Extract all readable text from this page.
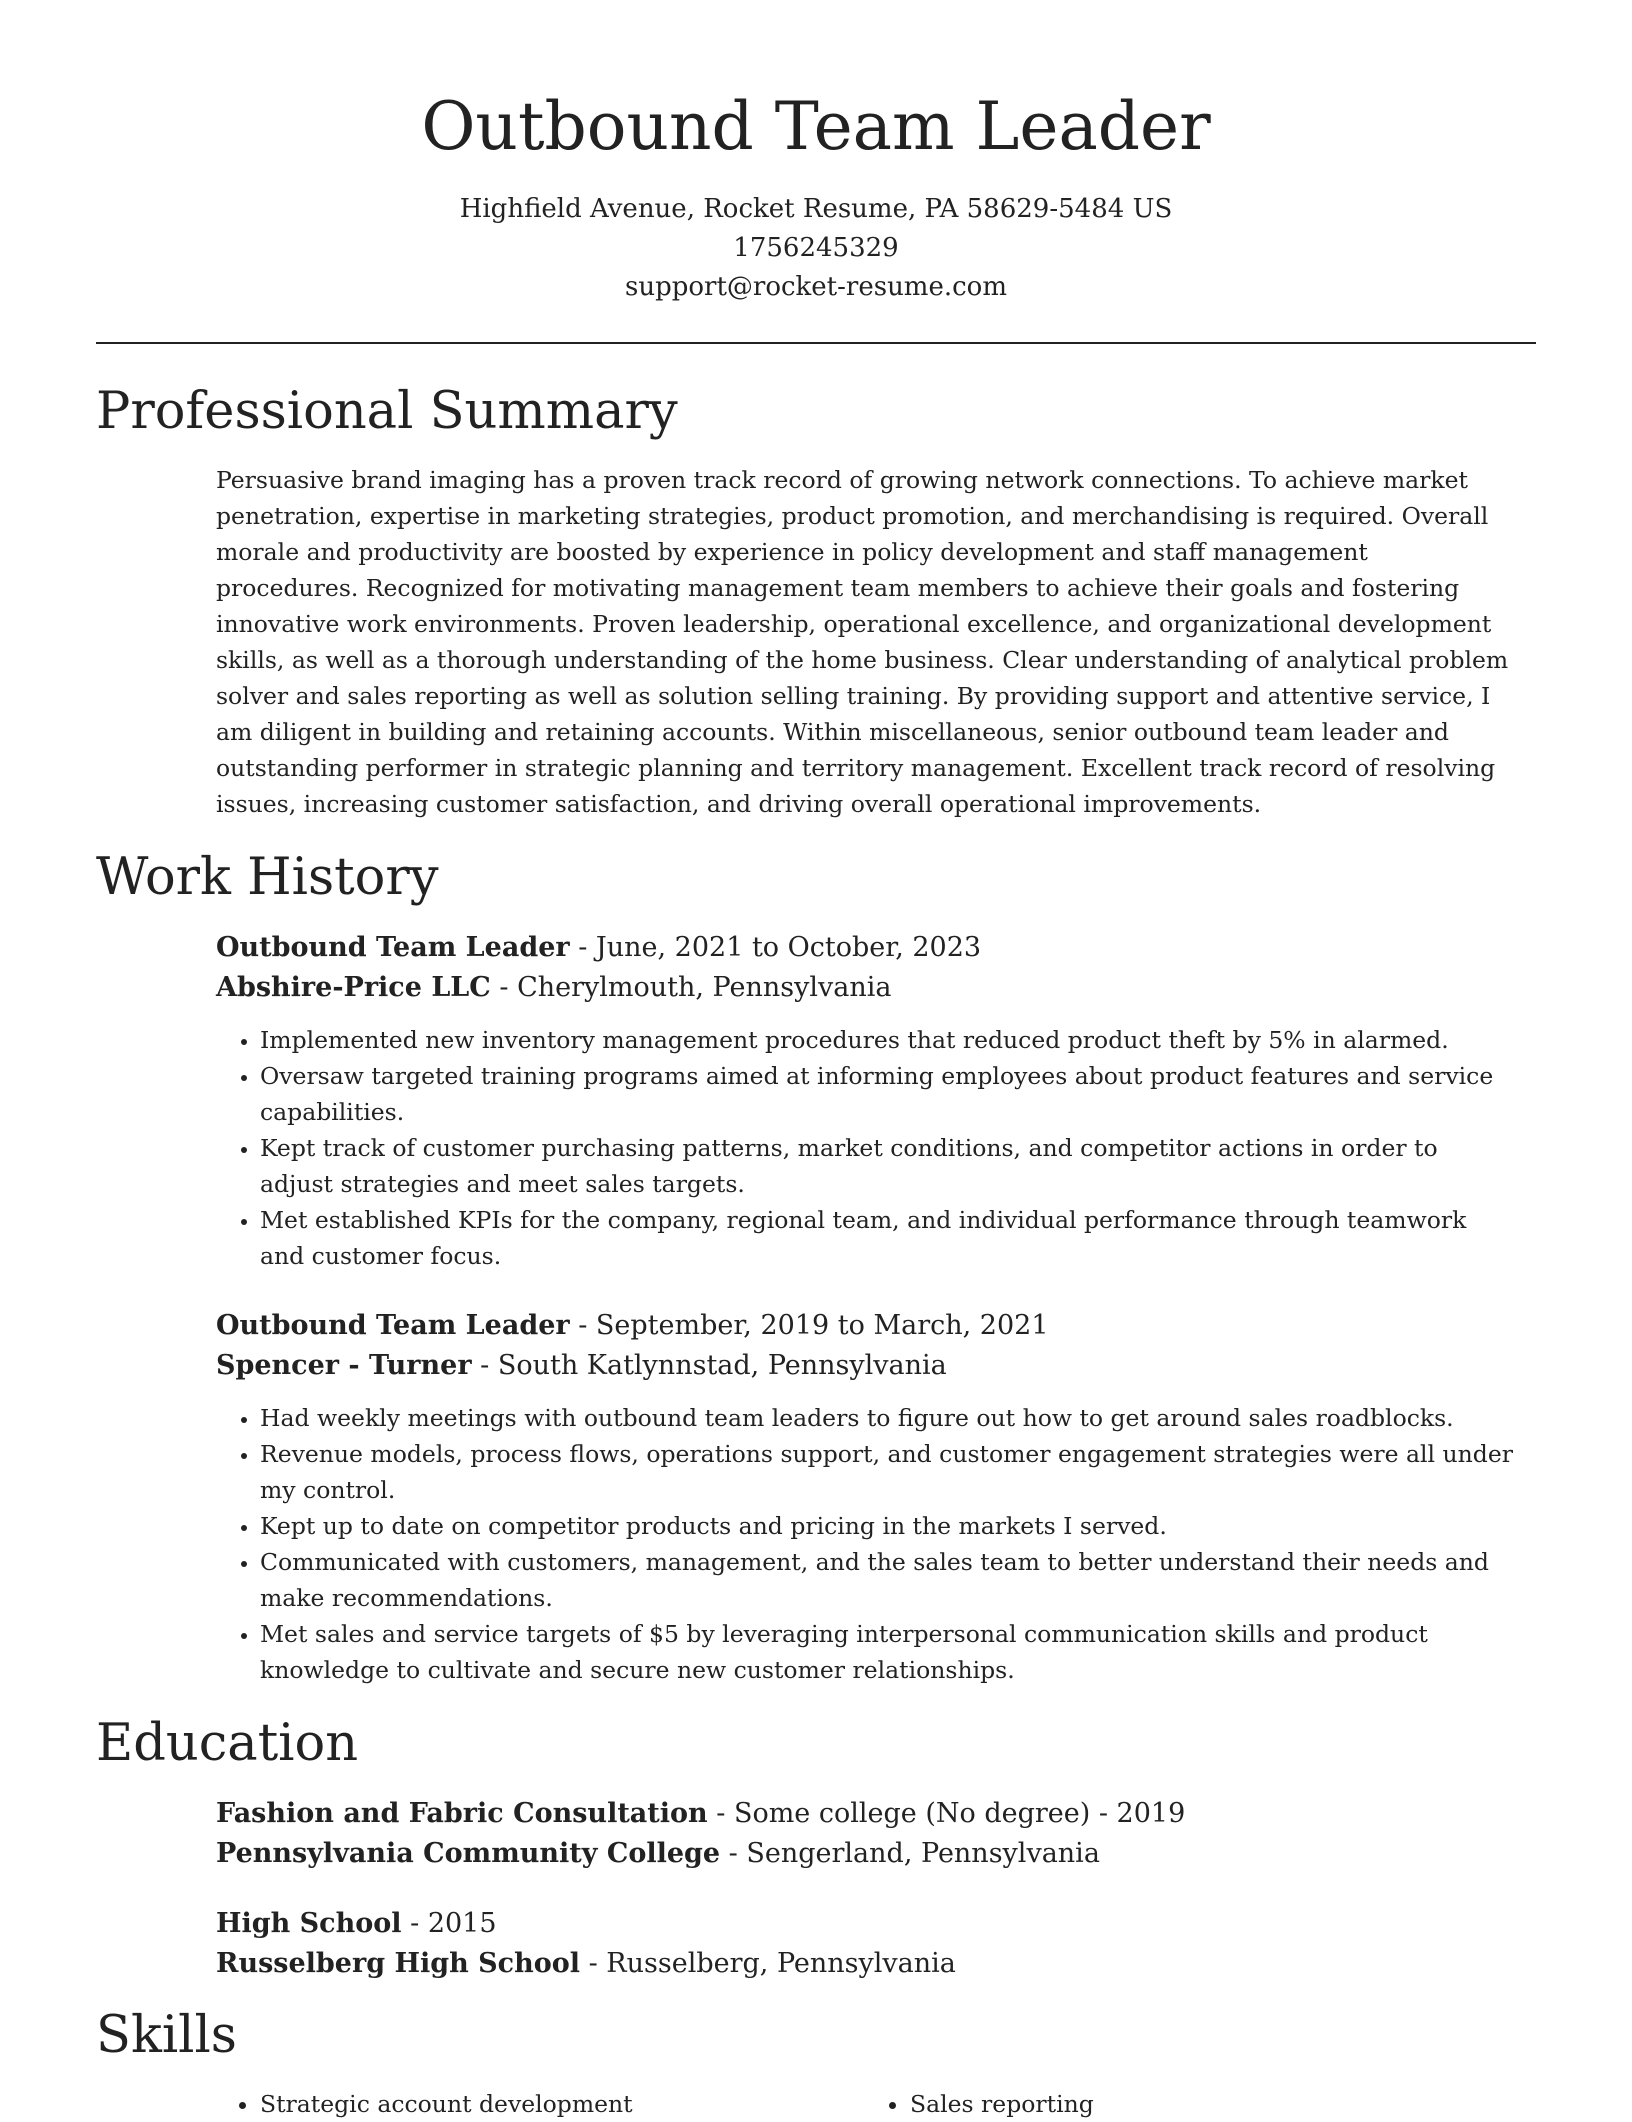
Outbound Team Leader
Highfield Avenue, Rocket Resume, PA 58629-5484 US
1756245329
support@rocket-resume.com
Professional Summary

Persuasive brand imaging has a proven track record of growing network connections. To achieve market penetration, expertise in marketing strategies, product promotion, and merchandising is required. Overall morale and productivity are boosted by experience in policy development and staff management procedures. Recognized for motivating management team members to achieve their goals and fostering innovative work environments. Proven leadership, operational excellence, and organizational development skills, as well as a thorough understanding of the home business. Clear understanding of analytical problem solver and sales reporting as well as solution selling training. By providing support and attentive service, I am diligent in building and retaining accounts. Within miscellaneous, senior outbound team leader and outstanding performer in strategic planning and territory management. Excellent track record of resolving issues, increasing customer satisfaction, and driving overall operational improvements.

Work History

Outbound Team Leader - June, 2021 to October, 2023

Abshire-Price LLC - Cherylmouth, Pennsylvania

• Implemented new inventory management procedures that reduced product theft by 5% in alarmed.
• Oversaw targeted training programs aimed at informing employees about product features and service capabilities.
• Kept track of customer purchasing patterns, market conditions, and competitor actions in order to adjust strategies and meet sales targets.
• Met established KPIs for the company, regional team, and individual performance through teamwork and customer focus.

Outbound Team Leader - September, 2019 to March, 2021

Spencer - Turner - South Katlynnstad, Pennsylvania

• Had weekly meetings with outbound team leaders to figure out how to get around sales roadblocks.
• Revenue models, process flows, operations support, and customer engagement strategies were all under my control.
• Kept up to date on competitor products and pricing in the markets I served.
• Communicated with customers, management, and the sales team to better understand their needs and make recommendations.
• Met sales and service targets of $5 by leveraging interpersonal communication skills and product knowledge to cultivate and secure new customer relationships.
Education

Fashion and Fabric Consultation - Some college (No degree) - 2019

Pennsylvania Community College - Sengerland, Pennsylvania

High School - 2015

Russelberg High School - Russelberg, Pennsylvania

Skills
• Strategic account development
•	Sales reporting
